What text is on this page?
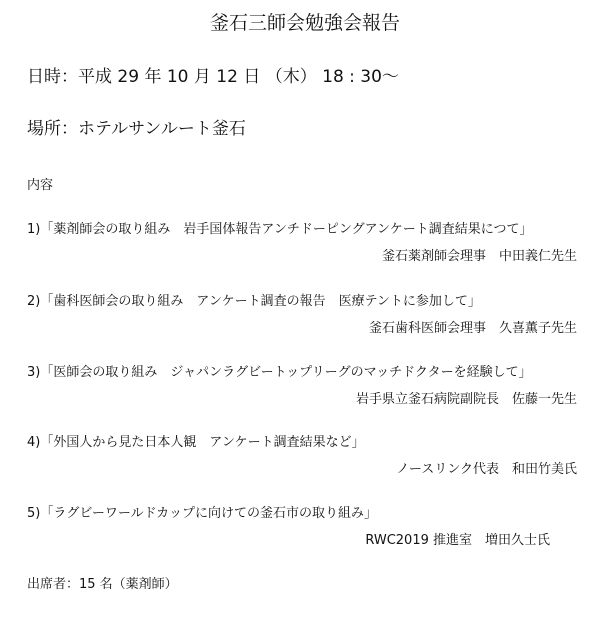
釜石三師会勉強会報告
日時：平成 29 年 10 月 12 日 （木） 18 : 30〜
場所：ホテルサンルート釜石
内容
1)「薬剤師会の取り組み　岩手国体報告アンチドーピングアンケート調査結果につて」
釜石薬剤師会理事　中田義仁先生
2)「歯科医師会の取り組み　アンケート調査の報告　医療テントに参加して」
釜石歯科医師会理事　久喜薫子先生
3)「医師会の取り組み　ジャパンラグビートップリーグのマッチドクターを経験して」
岩手県立釜石病院副院長　佐藤一先生
4)「外国人から見た日本人観　アンケート調査結果など」
ノースリンク代表　和田竹美氏
5)「ラグビーワールドカップに向けての釜石市の取り組み」
RWC2019 推進室　増田久士氏
出席者：15 名（薬剤師）
